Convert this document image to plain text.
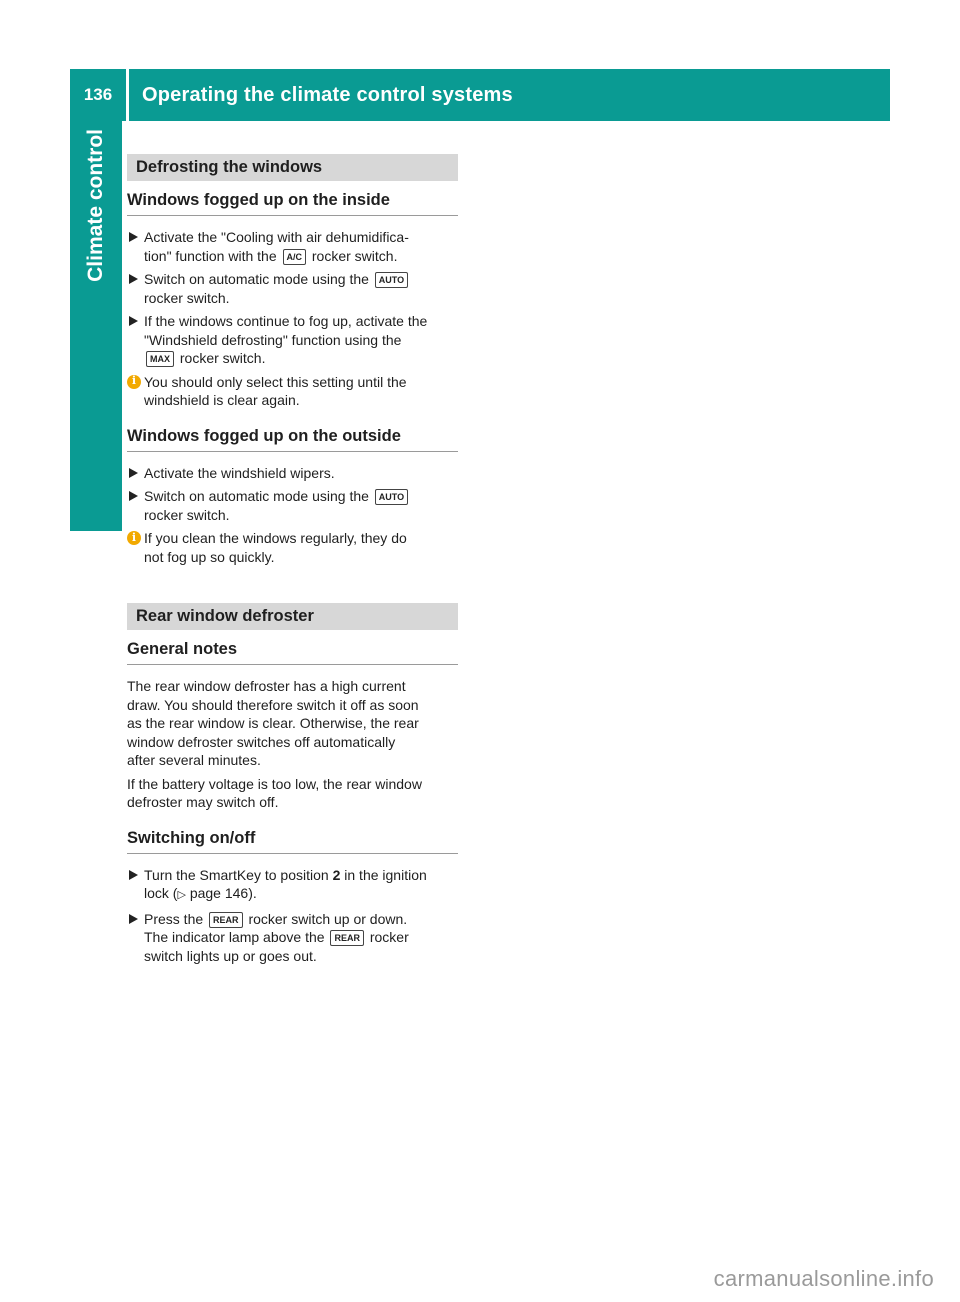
136	Operating the climate control systems
Climate control	Defrosting the windows
Windows fogged up on the inside
Activate the "Cooling with air dehumidifica-
tion" function with the A/C rocker switch.
Switch on automatic mode using the AUTO
rocker switch.
If the windows continue to fog up, activate the
"Windshield defrosting" function using the
MAX rocker switch.
i You should only select this setting until the
windshield is clear again.
Windows fogged up on the outside
Activate the windshield wipers.
Switch on automatic mode using the AUTO
rocker switch.
i If you clean the windows regularly, they do
not fog up so quickly.
Rear window defroster
General notes
The rear window defroster has a high current
draw. You should therefore switch it off as soon
as the rear window is clear. Otherwise, the rear
window defroster switches off automatically
after several minutes.
If the battery voltage is too low, the rear window
defroster may switch off.
Switching on/off
Turn the SmartKey to position 2 in the ignition
lock (▷ page 146).
Press the REAR rocker switch up or down.
The indicator lamp above the REAR rocker
switch lights up or goes out.
carmanualsonline.info
